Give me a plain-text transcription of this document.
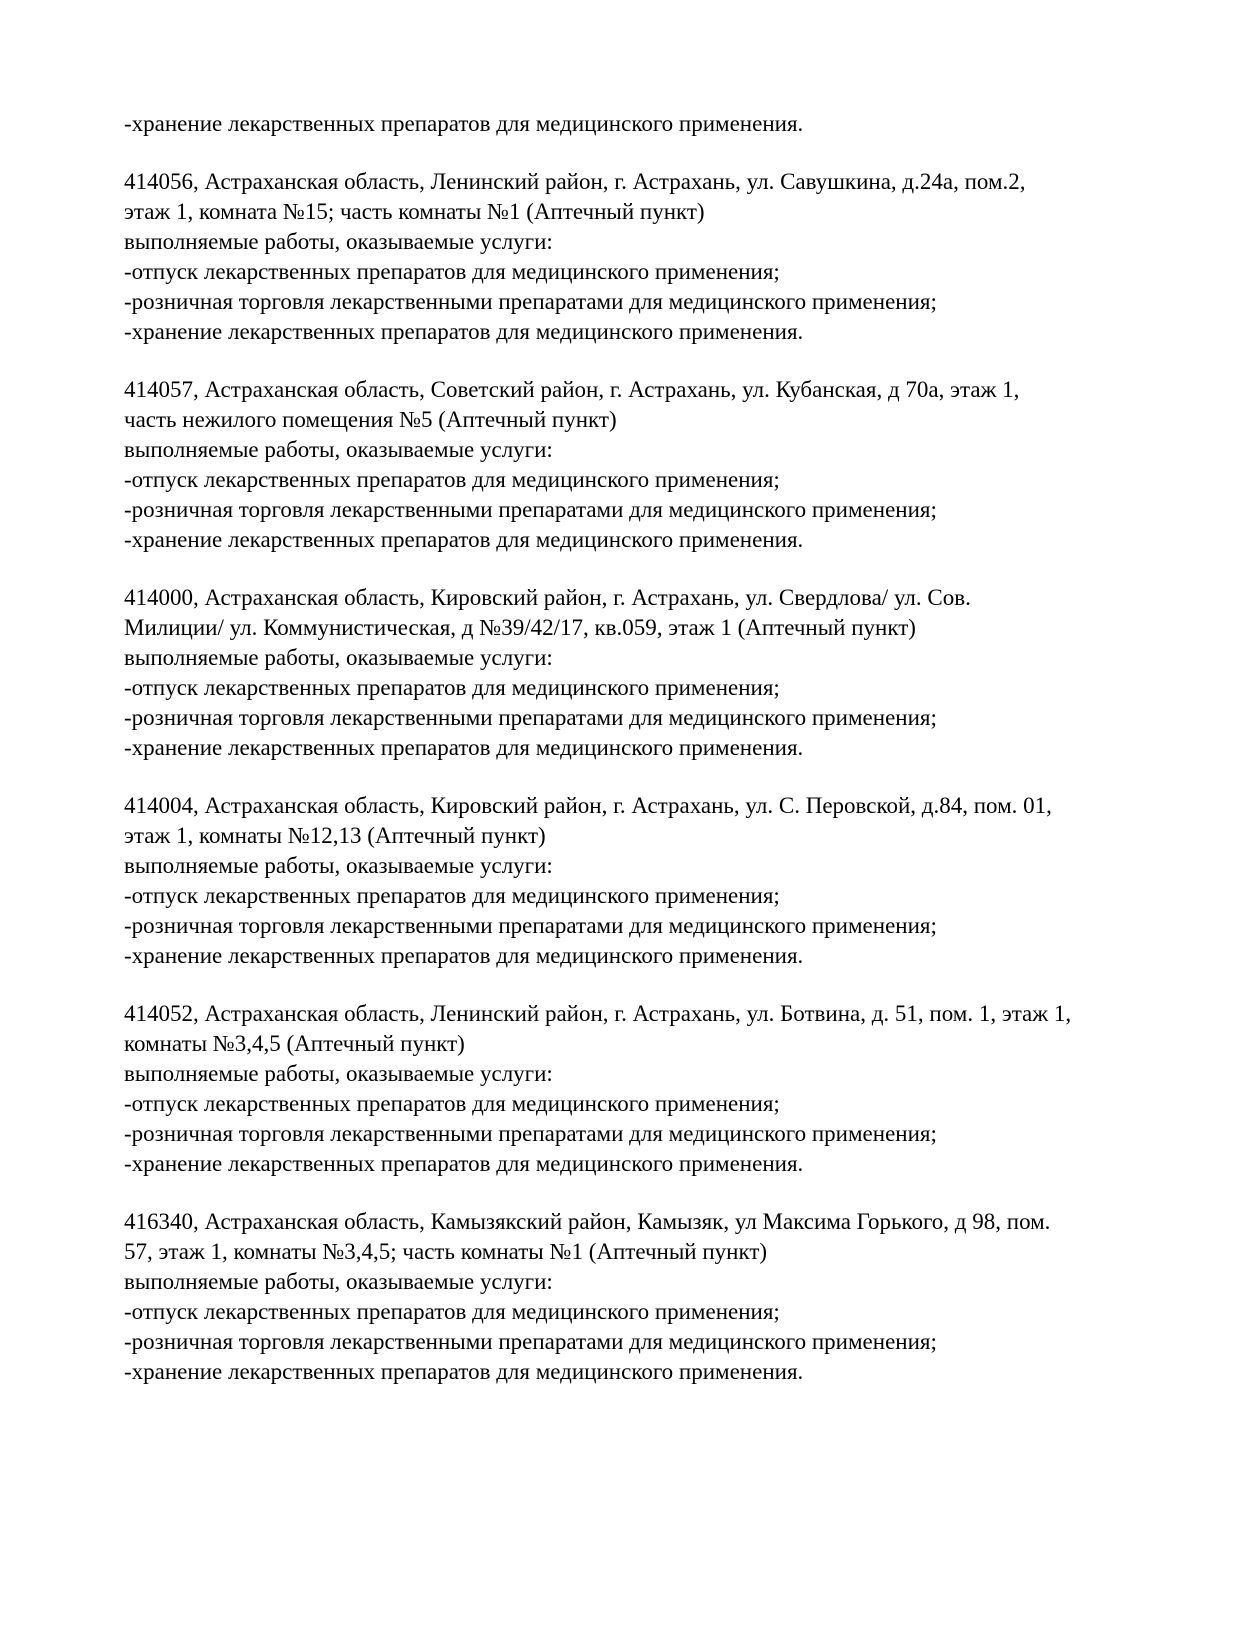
-хранение лекарственных препаратов для медицинского применения.

414056, Астраханская область, Ленинский район, г. Астрахань, ул. Савушкина, д.24а, пом.2,

этаж 1, комната №15; часть комнаты №1 (Аптечный пункт)

выполняемые работы, оказываемые услуги:

-отпуск лекарственных препаратов для медицинского применения;

-розничная торговля лекарственными препаратами для медицинского применения;

-хранение лекарственных препаратов для медицинского применения.

414057, Астраханская область, Советский район, г. Астрахань, ул. Кубанская, д 70а, этаж 1,

часть нежилого помещения №5 (Аптечный пункт)

выполняемые работы, оказываемые услуги:

-отпуск лекарственных препаратов для медицинского применения;

-розничная торговля лекарственными препаратами для медицинского применения;

-хранение лекарственных препаратов для медицинского применения.

414000, Астраханская область, Кировский район, г. Астрахань, ул. Свердлова/ ул. Сов.

Милиции/ ул. Коммунистическая, д №39/42/17, кв.059, этаж 1 (Аптечный пункт)

выполняемые работы, оказываемые услуги:

-отпуск лекарственных препаратов для медицинского применения;

-розничная торговля лекарственными препаратами для медицинского применения;

-хранение лекарственных препаратов для медицинского применения.

414004, Астраханская область, Кировский район, г. Астрахань, ул. С. Перовской, д.84, пом. 01,

этаж 1, комнаты №12,13 (Аптечный пункт)

выполняемые работы, оказываемые услуги:

-отпуск лекарственных препаратов для медицинского применения;

-розничная торговля лекарственными препаратами для медицинского применения;

-хранение лекарственных препаратов для медицинского применения.

414052, Астраханская область, Ленинский район, г. Астрахань, ул. Ботвина, д. 51, пом. 1, этаж 1,

комнаты №3,4,5 (Аптечный пункт)

выполняемые работы, оказываемые услуги:

-отпуск лекарственных препаратов для медицинского применения;

-розничная торговля лекарственными препаратами для медицинского применения;

-хранение лекарственных препаратов для медицинского применения.

416340, Астраханская область, Камызякский район, Камызяк, ул Максима Горького, д 98, пом.

57, этаж 1, комнаты №3,4,5; часть комнаты №1 (Аптечный пункт)

выполняемые работы, оказываемые услуги:

-отпуск лекарственных препаратов для медицинского применения;

-розничная торговля лекарственными препаратами для медицинского применения;

-хранение лекарственных препаратов для медицинского применения.
